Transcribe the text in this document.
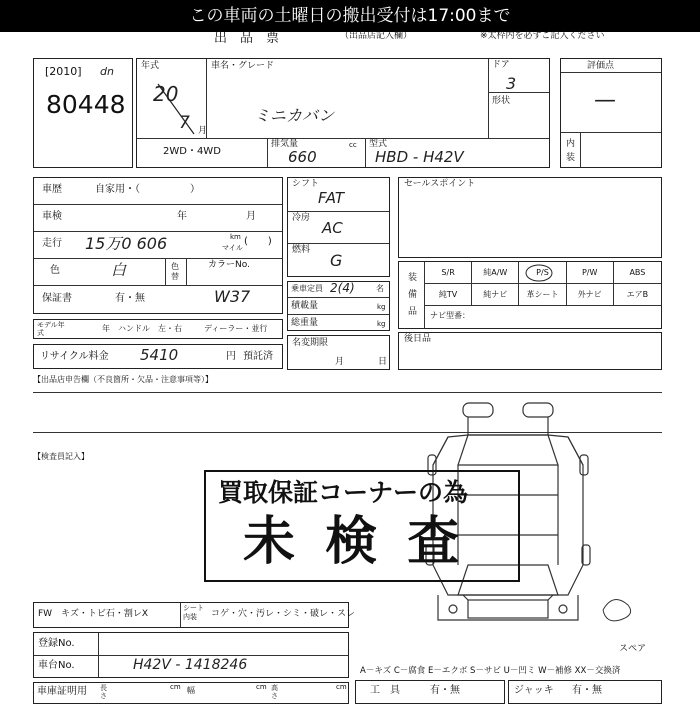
この車両の土曜日の搬出受付は17:00まで
出　品　票	（出品店記入欄）	※太枠内を必ずご記入ください
[2010] dn
80448
年式
20
7 月
車名・グレード
ミニカバン
ドア
3
形状
2WD・4WD
排気量
660
cc 型式
HBD - H42V
評価点
—
内装
車歴	自家用・（　　　　　）
車検	年	月
走行 15万0 606	km
マイル
(　　)
色	白	色替
カラーNo.
保証書	有・無	W37
モデル年式	年 ハンドル　左・右	ディーラー・並行
リサイクル料金 5410	円 預託済
シフト
FAT
冷房
AC
燃料
G
乗車定員 2(4)	名
積載量	kg
総重量	kg
名変期限
月	日
セールスポイント
装備品
S/R	純A/W	P/S	P/W	ABS
純TV	純ナビ	革シート	外ナビ	エアB
ナビ型番：
後日品
【出品店申告欄（不良箇所・欠品・注意事項等）】
【検査員記入】
スペア
買取保証コーナーの為
未 検 査
FW　キズ・トビ石・割レX
シート内装	コゲ・穴・汚レ・シミ・破レ・スレ
登録No.
車台No.	H42V - 1418246
車庫証明用 長さ
cm 幅	cm 高さ
cm
A－キズ C－腐食 E－エクボ S－サビ U－凹ミ W－補修 XX－交換済
工　具	有・無	ジャッキ 有・無
